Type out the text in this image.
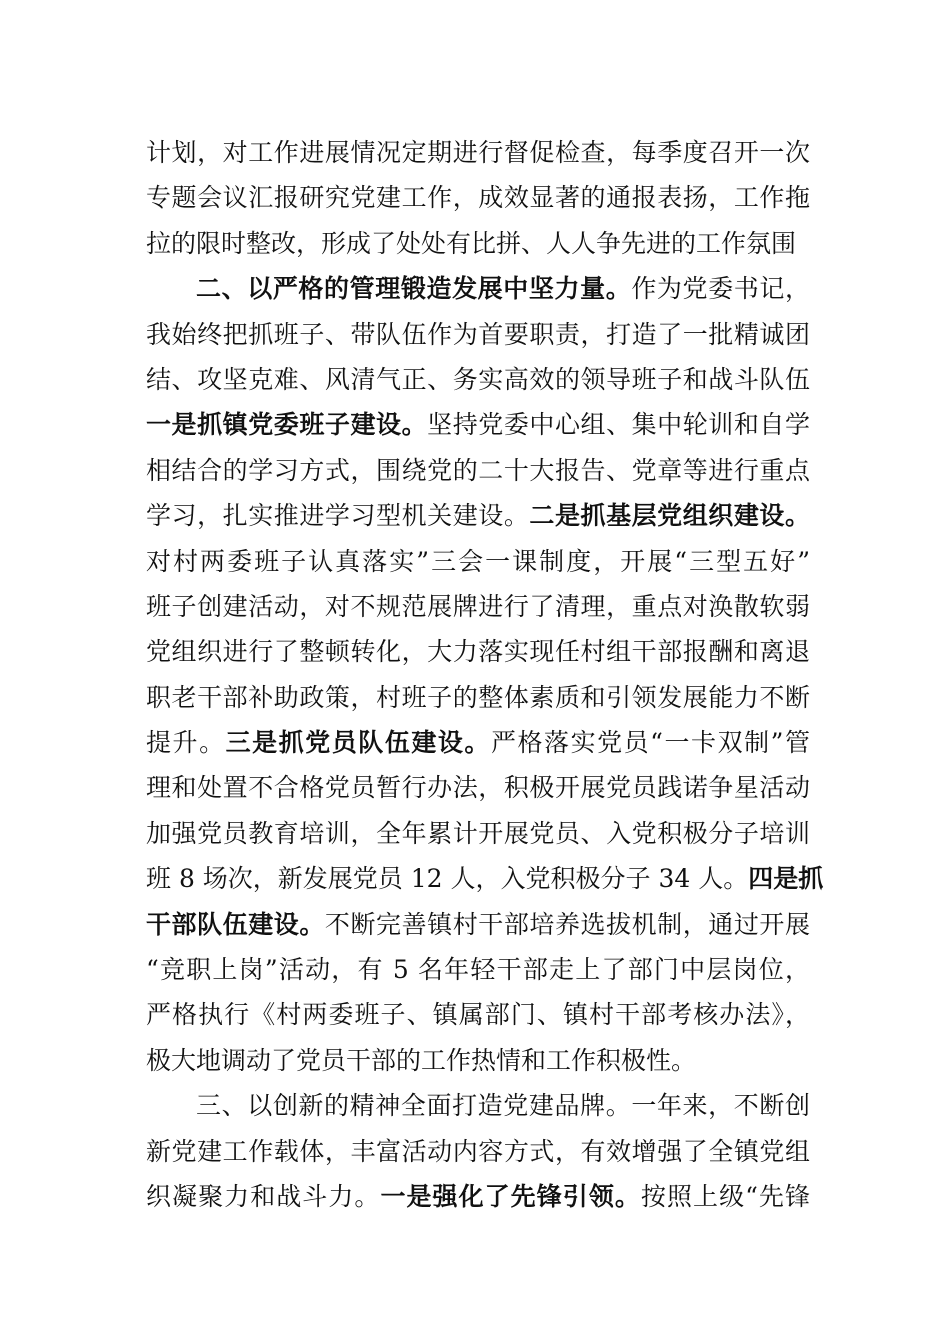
计划，对工作进展情况定期进行督促检查，每季度召开一次
专题会议汇报研究党建工作，成效显著的通报表扬，工作拖
拉的限时整改，形成了处处有比拼、人人争先进的工作氛围
二、以严格的管理锻造发展中坚力量。作为党委书记，
我始终把抓班子、带队伍作为首要职责，打造了一批精诚团
结、攻坚克难、风清气正、务实高效的领导班子和战斗队伍
一是抓镇党委班子建设。坚持党委中心组、集中轮训和自学
相结合的学习方式，围绕党的二十大报告、党章等进行重点
学习，扎实推进学习型机关建设。二是抓基层党组织建设。
对村两委班子认真落实”三会一课制度，开展“三型五好”
班子创建活动，对不规范展牌进行了清理，重点对涣散软弱
党组织进行了整顿转化，大力落实现任村组干部报酬和离退
职老干部补助政策，村班子的整体素质和引领发展能力不断
提升。三是抓党员队伍建设。严格落实党员“一卡双制”管
理和处置不合格党员暂行办法，积极开展党员践诺争星活动
加强党员教育培训，全年累计开展党员、入党积极分子培训
班 8 场次，新发展党员 12 人，入党积极分子 34 人。四是抓
干部队伍建设。不断完善镇村干部培养选拔机制，通过开展
“竞职上岗”活动，有 5 名年轻干部走上了部门中层岗位，
严格执行《村两委班子、镇属部门、镇村干部考核办法》，
极大地调动了党员干部的工作热情和工作积极性。
三、以创新的精神全面打造党建品牌。一年来，不断创
新党建工作载体，丰富活动内容方式，有效增强了全镇党组
织凝聚力和战斗力。一是强化了先锋引领。按照上级“先锋
